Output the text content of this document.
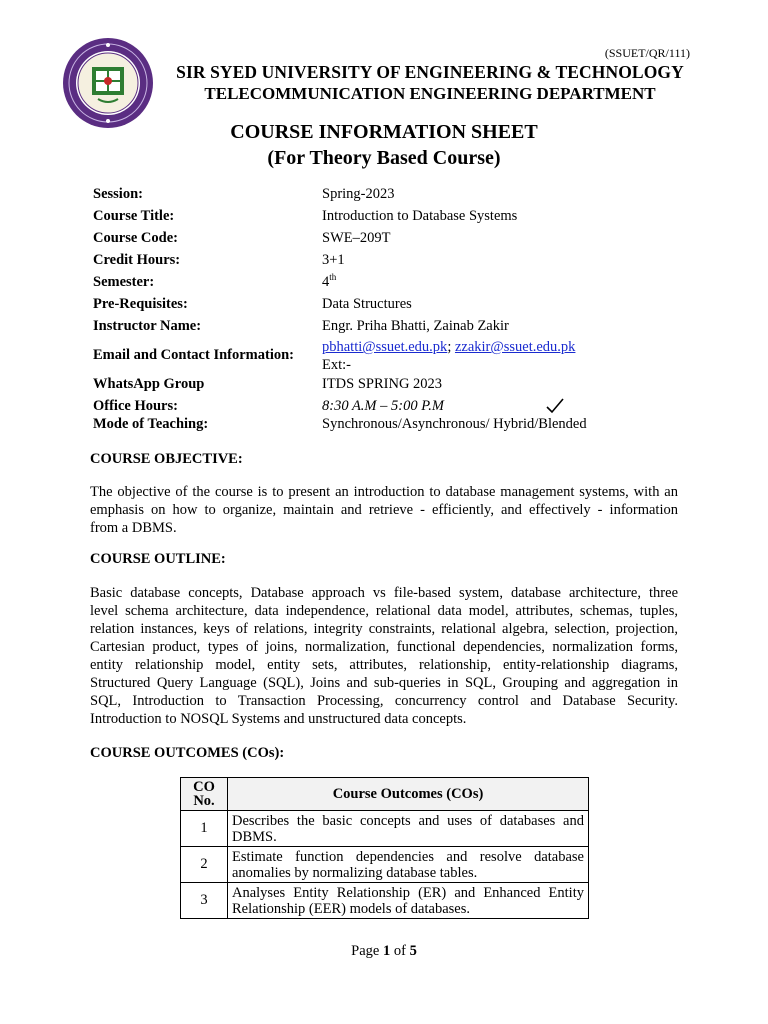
(SSUET/QR/111)
SIR SYED UNIVERSITY OF ENGINEERING & TECHNOLOGY
TELECOMMUNICATION ENGINEERING DEPARTMENT
COURSE INFORMATION SHEET
(For Theory Based Course)
Session:	Spring-2023
Course Title:	Introduction to Database Systems
Course Code:	SWE–209T
Credit Hours:	3+1
Semester:	4th
Pre-Requisites:	Data Structures
Instructor Name:	Engr. Priha Bhatti, Zainab Zakir
Email and Contact Information: pbhatti@ssuet.edu.pk; zzakir@ssuet.edu.pk
Ext:-
WhatsApp Group	ITDS SPRING 2023
Office Hours:	8:30 A.M – 5:00 P.M
Mode of Teaching:	Synchronous/Asynchronous/ Hybrid/Blended
COURSE OBJECTIVE:
The objective of the course is to present an introduction to database management systems, with an
emphasis on how to organize, maintain and retrieve - efficiently, and effectively - information
from a DBMS.
COURSE OUTLINE:
Basic database concepts, Database approach vs file-based system, database architecture, three
level schema architecture, data independence, relational data model, attributes, schemas, tuples,
relation instances, keys of relations, integrity constraints, relational algebra, selection, projection,
Cartesian product, types of joins, normalization, functional dependencies, normalization forms,
entity relationship model, entity sets, attributes, relationship, entity-relationship diagrams,
Structured Query Language (SQL), Joins and sub-queries in SQL, Grouping and aggregation in
SQL, Introduction to Transaction Processing, concurrency control and Database Security.
Introduction to NOSQL Systems and unstructured data concepts.
COURSE OUTCOMES (COs):
CO
No.	Course Outcomes (COs)
1	Describes the basic concepts and uses of databases and DBMS.
2	Estimate function dependencies and resolve database anomalies by normalizing database tables.
3	Analyses Entity Relationship (ER) and Enhanced Entity Relationship (EER) models of databases.
Page 1 of 5
